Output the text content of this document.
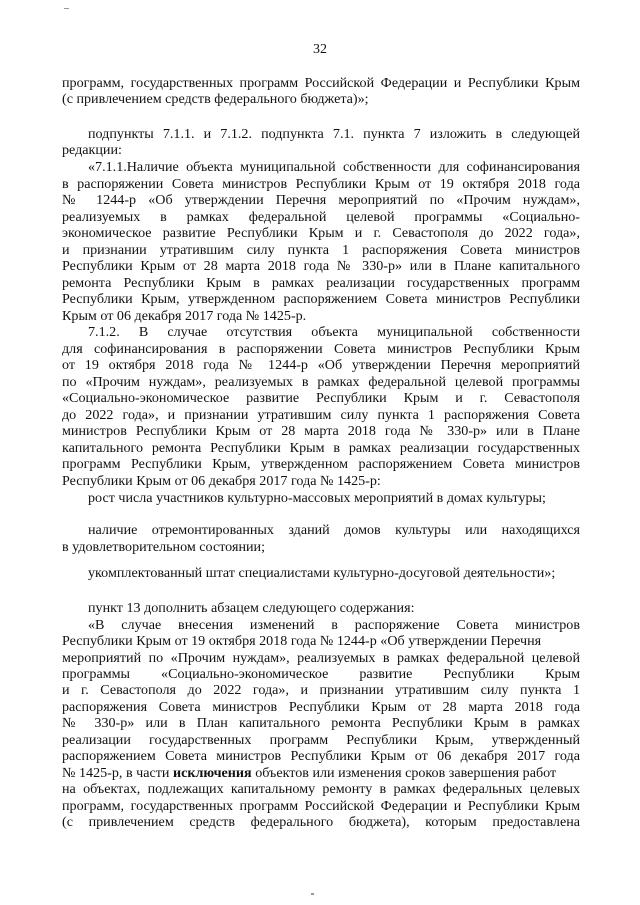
32
программ, государственных программ Российской Федерации и Республики Крым
(с привлечением средств федерального бюджета)»;
подпункты 7.1.1. и 7.1.2. подпункта 7.1. пункта 7 изложить в следующей
редакции:
«7.1.1.Наличие объекта муниципальной собственности для софинансирования
в распоряжении Совета министров Республики Крым от 19 октября 2018 года
№ 1244-р «Об утверждении Перечня мероприятий по «Прочим нуждам»,
реализуемых в рамках федеральной целевой программы «Социально-
экономическое развитие Республики Крым и г. Севастополя до 2022 года»,
и признании утратившим силу пункта 1 распоряжения Совета министров
Республики Крым от 28 марта 2018 года № 330-р» или в Плане капитального
ремонта Республики Крым в рамках реализации государственных программ
Республики Крым, утвержденном распоряжением Совета министров Республики
Крым от 06 декабря 2017 года № 1425-р.
7.1.2. В случае отсутствия объекта муниципальной собственности
для софинансирования в распоряжении Совета министров Республики Крым
от 19 октября 2018 года № 1244-р «Об утверждении Перечня мероприятий
по «Прочим нуждам», реализуемых в рамках федеральной целевой программы
«Социально-экономическое развитие Республики Крым и г. Севастополя
до 2022 года», и признании утратившим силу пункта 1 распоряжения Совета
министров Республики Крым от 28 марта 2018 года № 330-р» или в Плане
капитального ремонта Республики Крым в рамках реализации государственных
программ Республики Крым, утвержденном распоряжением Совета министров
Республики Крым от 06 декабря 2017 года № 1425-р:
рост числа участников культурно-массовых мероприятий в домах культуры;
наличие отремонтированных зданий домов культуры или находящихся
в удовлетворительном состоянии;
укомплектованный штат специалистами культурно-досуговой деятельности»;
пункт 13 дополнить абзацем следующего содержания:
«В случае внесения изменений в распоряжение Совета министров
Республики Крым от 19 октября 2018 года № 1244-р «Об утверждении Перечня
мероприятий по «Прочим нуждам», реализуемых в рамках федеральной целевой
программы «Социально-экономическое развитие Республики Крым
и г. Севастополя до 2022 года», и признании утратившим силу пункта 1
распоряжения Совета министров Республики Крым от 28 марта 2018 года
№ 330-р» или в План капитального ремонта Республики Крым в рамках
реализации государственных программ Республики Крым, утвержденный
распоряжением Совета министров Республики Крым от 06 декабря 2017 года
№ 1425-р, в части исключения объектов или изменения сроков завершения работ
на объектах, подлежащих капитальному ремонту в рамках федеральных целевых
программ, государственных программ Российской Федерации и Республики Крым
(с привлечением средств федерального бюджета), которым предоставлена
